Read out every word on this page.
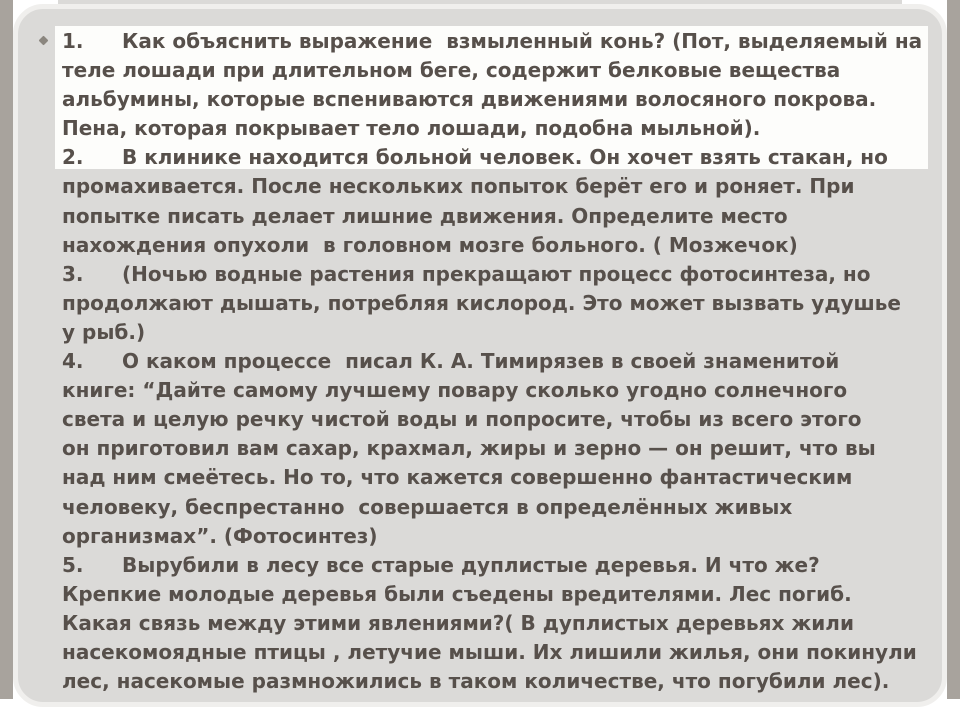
1. Как объяснить выражение  взмыленный конь? (Пот, выделяемый на
теле лошади при длительном беге, содержит белковые вещества
альбумины, которые вспениваются движениями волосяного покрова.
Пена, которая покрывает тело лошади, подобна мыльной).
2. В клинике находится больной человек. Он хочет взять стакан, но
промахивается. После нескольких попыток берёт его и роняет. При
попытке писать делает лишние движения. Определите место
нахождения опухоли  в головном мозге больного. ( Мозжечок)
3. (Ночью водные растения прекращают процесс фотосинтеза, но
продолжают дышать, потребляя кислород. Это может вызвать удушье
у рыб.)
4. О каком процессе  писал К. А. Тимирязев в своей знаменитой
книге: “Дайте самому лучшему повару сколько угодно солнечного
света и целую речку чистой воды и попросите, чтобы из всего этого
он приготовил вам сахар, крахмал, жиры и зерно — он решит, что вы
над ним смеётесь. Но то, что кажется совершенно фантастическим
человеку, беспрестанно  совершается в определённых живых
организмах”. (Фотосинтез)
5. Вырубили в лесу все старые дуплистые деревья. И что же?
Крепкие молодые деревья были съедены вредителями. Лес погиб.
Какая связь между этими явлениями?( В дуплистых деревьях жили
насекомоядные птицы , летучие мыши. Их лишили жилья, они покинули
лес, насекомые размножились в таком количестве, что погубили лес).
